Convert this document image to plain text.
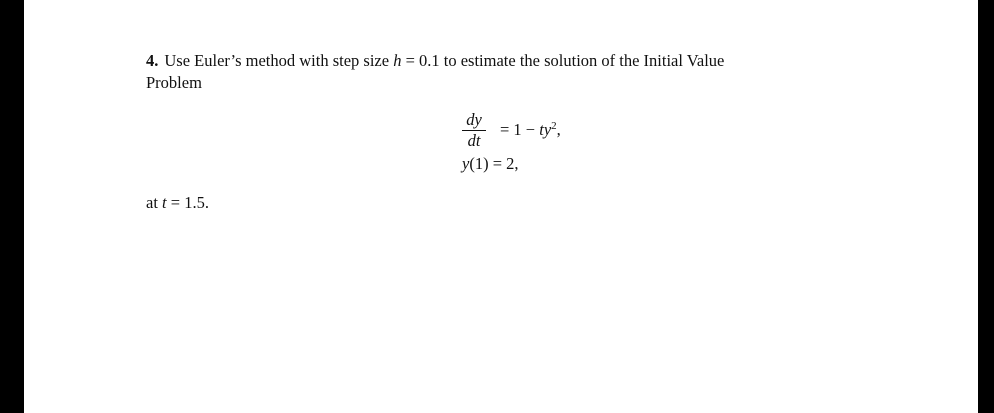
4. Use Euler’s method with step size h = 0.1 to estimate the solution of the Initial Value
Problem
$\frac{dy}{dt} = 1 - ty^2$,
y (1) = 2,
at t = 1.5.
